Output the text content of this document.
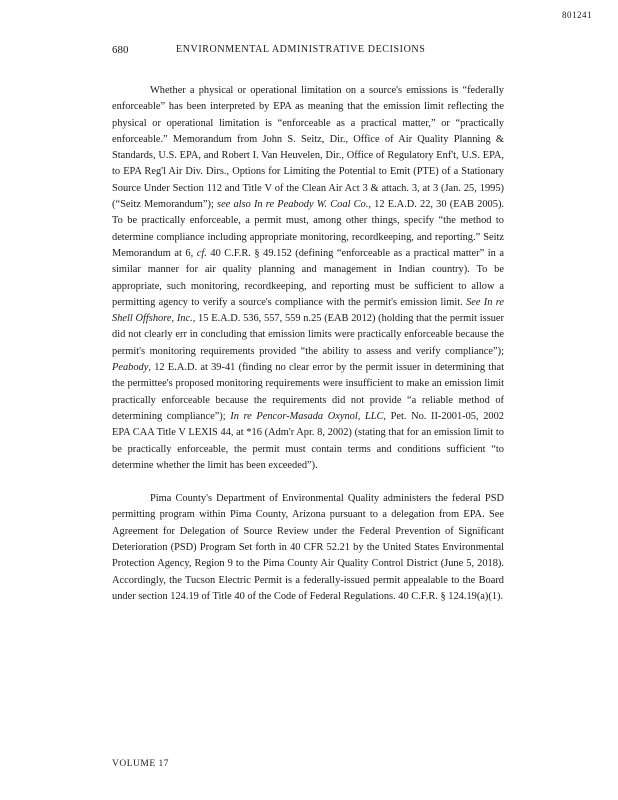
801241
680	ENVIRONMENTAL ADMINISTRATIVE DECISIONS

Whether a physical or operational limitation on a source's emissions is “federally enforceable” has been interpreted by EPA as meaning that the emission limit reflecting the physical or operational limitation is “enforceable as a practical matter,” or “practically enforceable.” Memorandum from John S. Seitz, Dir., Office of Air Quality Planning & Standards, U.S. EPA, and Robert I. Van Heuvelen, Dir., Office of Regulatory Enf't, U.S. EPA, to EPA Reg'l Air Div. Dirs., Options for Limiting the Potential to Emit (PTE) of a Stationary Source Under Section 112 and Title V of the Clean Air Act 3 & attach. 3, at 3 (Jan. 25, 1995) (“Seitz Memorandum”); see also In re Peabody W. Coal Co., 12 E.A.D. 22, 30 (EAB 2005). To be practically enforceable, a permit must, among other things, specify “the method to determine compliance including appropriate monitoring, recordkeeping, and reporting.” Seitz Memorandum at 6, cf. 40 C.F.R. § 49.152 (defining “enforceable as a practical matter” in a similar manner for air quality planning and management in Indian country). To be appropriate, such monitoring, recordkeeping, and reporting must be sufficient to allow a permitting agency to verify a source's compliance with the permit's emission limit. See In re Shell Offshore, Inc., 15 E.A.D. 536, 557, 559 n.25 (EAB 2012) (holding that the permit issuer did not clearly err in concluding that emission limits were practically enforceable because the permit's monitoring requirements provided “the ability to assess and verify compliance”); Peabody, 12 E.A.D. at 39-41 (finding no clear error by the permit issuer in determining that the permittee's proposed monitoring requirements were insufficient to make an emission limit practically enforceable because the requirements did not provide “a reliable method of determining compliance”); In re Pencor-Masada Oxynol, LLC, Pet. No. II-2001-05, 2002 EPA CAA Title V LEXIS 44, at *16 (Adm'r Apr. 8, 2002) (stating that for an emission limit to be practically enforceable, the permit must contain terms and conditions sufficient “to determine whether the limit has been exceeded”).

Pima County's Department of Environmental Quality administers the federal PSD permitting program within Pima County, Arizona pursuant to a delegation from EPA. See Agreement for Delegation of Source Review under the Federal Prevention of Significant Deterioration (PSD) Program Set forth in 40 CFR 52.21 by the United States Environmental Protection Agency, Region 9 to the Pima County Air Quality Control District (June 5, 2018). Accordingly, the Tucson Electric Permit is a federally-issued permit appealable to the Board under section 124.19 of Title 40 of the Code of Federal Regulations. 40 C.F.R. § 124.19(a)(1).

VOLUME 17
